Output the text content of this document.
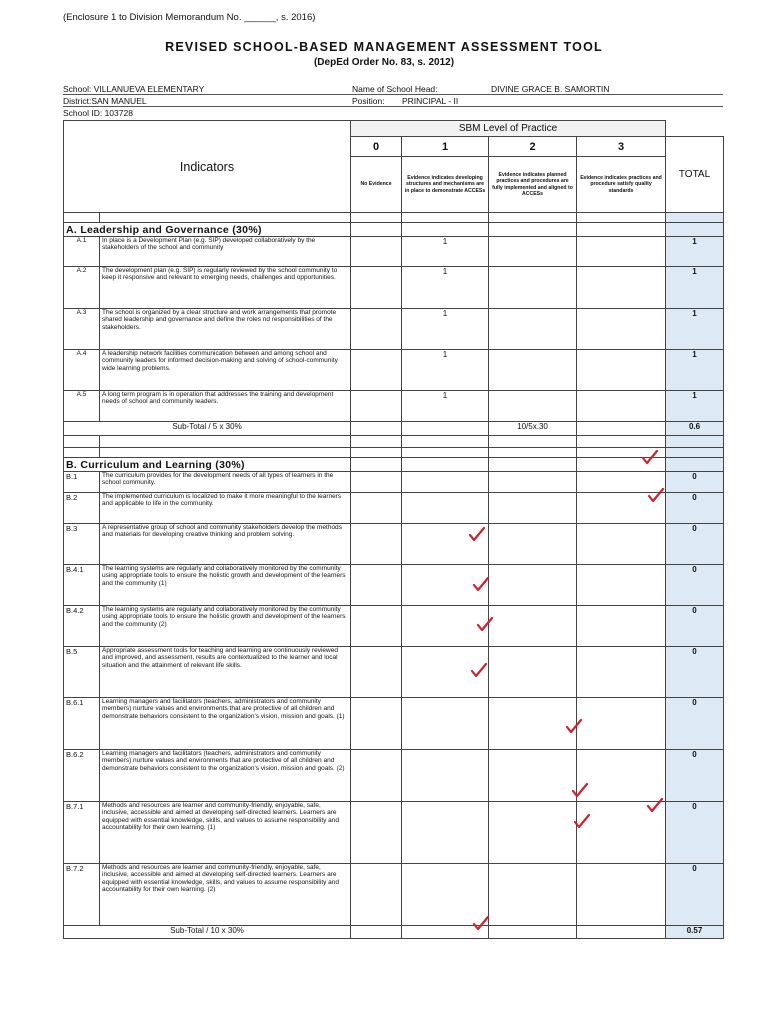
(Enclosure 1 to Division Memorandum No. ______, s. 2016)
REVISED SCHOOL-BASED MANAGEMENT ASSESSMENT TOOL
(DepEd Order No. 83, s. 2012)
School: VILLANUEVA ELEMENTARY	Name of School Head:	DIVINE GRACE B. SAMORTIN
District:SAN MANUEL	Position: PRINCIPAL - II
School ID: 103728
Indicators		SBM Level of Practice				
		0	1	2	3	TOTAL
		No Evidence	Evidence indicates developing structures and mechanisms are in place to demonstrate ACCESs	Evidence indicates planned practices and procedures are fully implemented and aligned to ACCESs	Evidence indicates practices and procedure satisfy quality standards	

A. Leadership and Governance (30%)						
A.1	In place is a Development Plan (e.g. SIP) developed collaboratively by the stakeholders of the school and community		1			1
A.2	The development plan (e.g. SIP) is regularly reviewed by the school community to keep it responsive and relevant to emerging needs, challenges and opportunities.		1			1
A.3	The school is organized by a clear structure and work arrangements that promote shared leadership and governance and define the roles nd responsibilities of the stakeholders.		1			1
A.4	A leadership network facilities communication between and among school and community leaders for informed decision-making and solving of school-community wide learning problems.		1			1
A.5	A long term program is in operation that addresses the training and development needs of school and community leaders.		1			1
Sub-Total / 5 x 30%				10/5x.30		0.6

B. Curriculum and Learning (30%)						
B.1	The curriculum provides for the development needs of all types of learners in the school community.					0
B.2	The implemented curriculum is localized to make it more meaningful to the learners and applicable to life in the community.					0
B.3	A representative group of school and community stakeholders develop the methods and materials for developing creative thinking and problem solving.					0
B.4.1	The learning systems are regularly and collaboratively monitored by the community using appropriate tools to ensure the holistic growth and development of the learners and the community (1)					0
B.4.2	The learning systems are regularly and collaboratively monitored by the community using appropriate tools to ensure the holistic growth and development of the learners and the community (2)					0
B.5	Appropriate assessment tools for teaching and learning are continuously reviewed and improved, and assessment, results are contextualized to the learner and local situation and the attainment of relevant life skills.					0
B.6.1	Learning managers and facilitators (teachers, administrators and community members) nurture values and environments that are protective of all children and demonstrate behaviors consistent to the organization's vision, mission and goals. (1)					0
B.6.2	Learning managers and facilitators (teachers, administrators and community members) nurture values and environments that are protective of all children and demonstrate behaviors consistent to the organization's vision, mission and goals. (2)					0
B.7.1	Methods and resources are learner and community-friendly, enjoyable, safe, inclusive, accessible and aimed at developing self-directed learners. Learners are equipped with essential knowledge, skills, and values to assume responsibility and accountability for their own learning. (1)					0
B.7.2	Methods and resources are learner and community-friendly, enjoyable, safe, inclusive, accessible and aimed at developing self-directed learners. Learners are equipped with essential knowledge, skills, and values to assume responsibility and accountability for their own learning. (2)					0
Sub-Total / 10 x 30%						0.57
